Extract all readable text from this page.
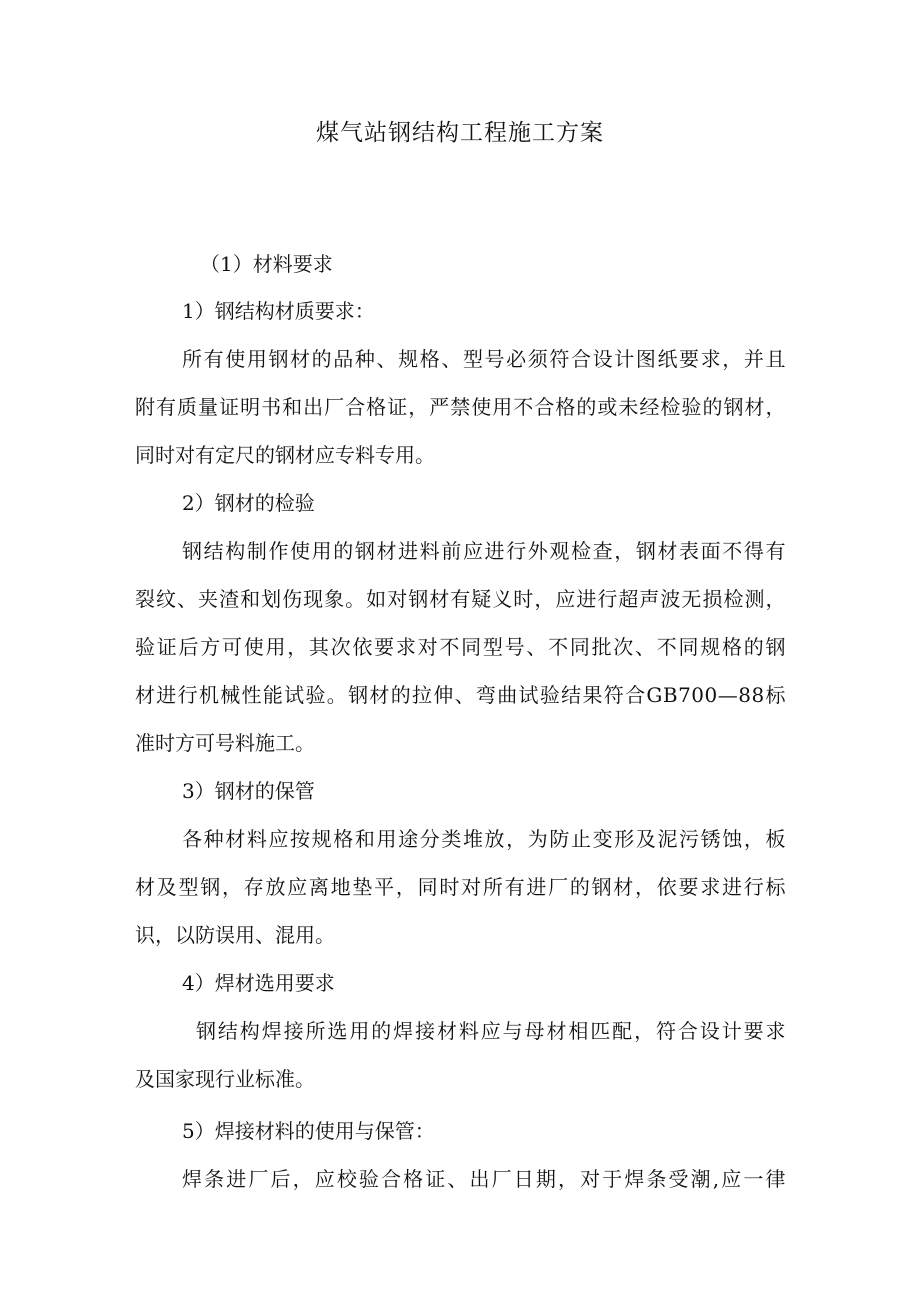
煤气站钢结构工程施工方案

（1）材料要求

1）钢结构材质要求：

所有使用钢材的品种、规格、型号必须符合设计图纸要求，并且

附有质量证明书和出厂合格证，严禁使用不合格的或未经检验的钢材，

同时对有定尺的钢材应专料专用。

2）钢材的检验

钢结构制作使用的钢材进料前应进行外观检查，钢材表面不得有

裂纹、夹渣和划伤现象。如对钢材有疑义时，应进行超声波无损检测，

验证后方可使用，其次依要求对不同型号、不同批次、不同规格的钢

材进行机械性能试验。钢材的拉伸、弯曲试验结果符合GB700—88标

准时方可号料施工。

3）钢材的保管

各种材料应按规格和用途分类堆放，为防止变形及泥污锈蚀，板

材及型钢，存放应离地垫平，同时对所有进厂的钢材，依要求进行标

识，以防误用、混用。

4）焊材选用要求

钢结构焊接所选用的焊接材料应与母材相匹配，符合设计要求

及国家现行业标准。

5）焊接材料的使用与保管：

焊条进厂后，应校验合格证、出厂日期，对于焊条受潮,应一律
